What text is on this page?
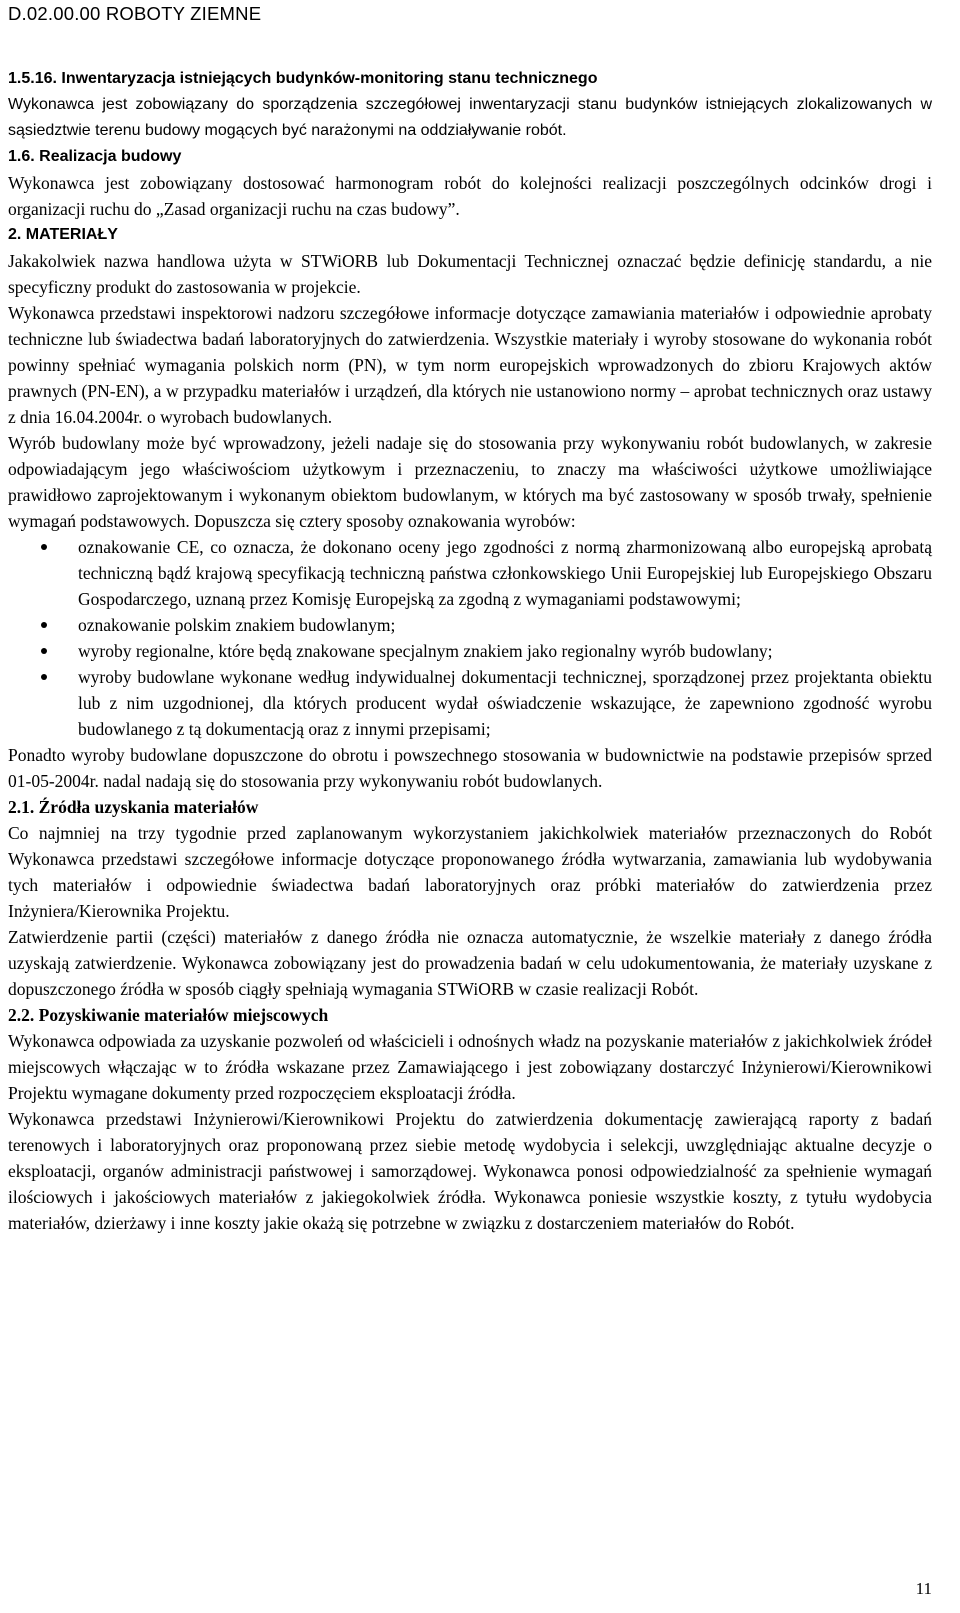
D.02.00.00 ROBOTY ZIEMNE
1.5.16. Inwentaryzacja istniejących budynków-monitoring stanu technicznego

Wykonawca jest zobowiązany do sporządzenia szczegółowej inwentaryzacji stanu budynków istniejących zlokalizowanych w sąsiedztwie terenu budowy mogących być narażonymi na oddziaływanie robót.

1.6. Realizacja budowy

Wykonawca jest zobowiązany dostosować harmonogram robót do kolejności realizacji poszczególnych odcinków drogi i organizacji ruchu do „Zasad organizacji ruchu na czas budowy”.

2. MATERIAŁY

Jakakolwiek nazwa handlowa użyta w STWiORB lub Dokumentacji Technicznej oznaczać będzie definicję standardu, a nie specyficzny produkt do zastosowania w projekcie.

Wykonawca przedstawi inspektorowi nadzoru szczegółowe informacje dotyczące zamawiania materiałów i odpowiednie aprobaty techniczne lub świadectwa badań laboratoryjnych do zatwierdzenia. Wszystkie materiały i wyroby stosowane do wykonania robót powinny spełniać wymagania polskich norm (PN), w tym norm europejskich wprowadzonych do zbioru Krajowych aktów prawnych (PN-EN), a w przypadku materiałów i urządzeń, dla których nie ustanowiono normy – aprobat technicznych oraz ustawy z dnia 16.04.2004r. o wyrobach budowlanych.

Wyrób budowlany może być wprowadzony, jeżeli nadaje się do stosowania przy wykonywaniu robót budowlanych, w zakresie odpowiadającym jego właściwościom użytkowym i przeznaczeniu, to znaczy ma właściwości użytkowe umożliwiające prawidłowo zaprojektowanym i wykonanym obiektom budowlanym, w których ma być zastosowany w sposób trwały, spełnienie wymagań podstawowych. Dopuszcza się cztery sposoby oznakowania wyrobów:

oznakowanie CE, co oznacza, że dokonano oceny jego zgodności z normą zharmonizowaną albo europejską aprobatą techniczną bądź krajową specyfikacją techniczną państwa członkowskiego Unii Europejskiej lub Europejskiego Obszaru Gospodarczego, uznaną przez Komisję Europejską za zgodną z wymaganiami podstawowymi;
oznakowanie polskim znakiem budowlanym;
wyroby regionalne, które będą znakowane specjalnym znakiem jako regionalny wyrób budowlany;
wyroby budowlane wykonane według indywidualnej dokumentacji technicznej, sporządzonej przez projektanta obiektu lub z nim uzgodnionej, dla których producent wydał oświadczenie wskazujące, że zapewniono zgodność wyrobu budowlanego z tą dokumentacją oraz z innymi przepisami;

Ponadto wyroby budowlane dopuszczone do obrotu i powszechnego stosowania w budownictwie na podstawie przepisów sprzed 01-05-2004r. nadal nadają się do stosowania przy wykonywaniu robót budowlanych.

2.1. Źródła uzyskania materiałów

Co najmniej na trzy tygodnie przed zaplanowanym wykorzystaniem jakichkolwiek materiałów przeznaczonych do Robót Wykonawca przedstawi szczegółowe informacje dotyczące proponowanego źródła wytwarzania, zamawiania lub wydobywania tych materiałów i odpowiednie świadectwa badań laboratoryjnych oraz próbki materiałów do zatwierdzenia przez Inżyniera/Kierownika Projektu.

Zatwierdzenie partii (części) materiałów z danego źródła nie oznacza automatycznie, że wszelkie materiały z danego źródła uzyskają zatwierdzenie. Wykonawca zobowiązany jest do prowadzenia badań w celu udokumentowania, że materiały uzyskane z dopuszczonego źródła w sposób ciągły spełniają wymagania STWiORB w czasie realizacji Robót.

2.2. Pozyskiwanie materiałów miejscowych

Wykonawca odpowiada za uzyskanie pozwoleń od właścicieli i odnośnych władz na pozyskanie materiałów z jakichkolwiek źródeł miejscowych włączając w to źródła wskazane przez Zamawiającego i jest zobowiązany dostarczyć Inżynierowi/Kierownikowi Projektu wymagane dokumenty przed rozpoczęciem eksploatacji źródła.

Wykonawca przedstawi Inżynierowi/Kierownikowi Projektu do zatwierdzenia dokumentację zawierającą raporty z badań terenowych i laboratoryjnych oraz proponowaną przez siebie metodę wydobycia i selekcji, uwzględniając aktualne decyzje o eksploatacji, organów administracji państwowej i samorządowej. Wykonawca ponosi odpowiedzialność za spełnienie wymagań ilościowych i jakościowych materiałów z jakiegokolwiek źródła. Wykonawca poniesie wszystkie koszty, z tytułu wydobycia materiałów, dzierżawy i inne koszty jakie okażą się potrzebne w związku z dostarczeniem materiałów do Robót.

11
